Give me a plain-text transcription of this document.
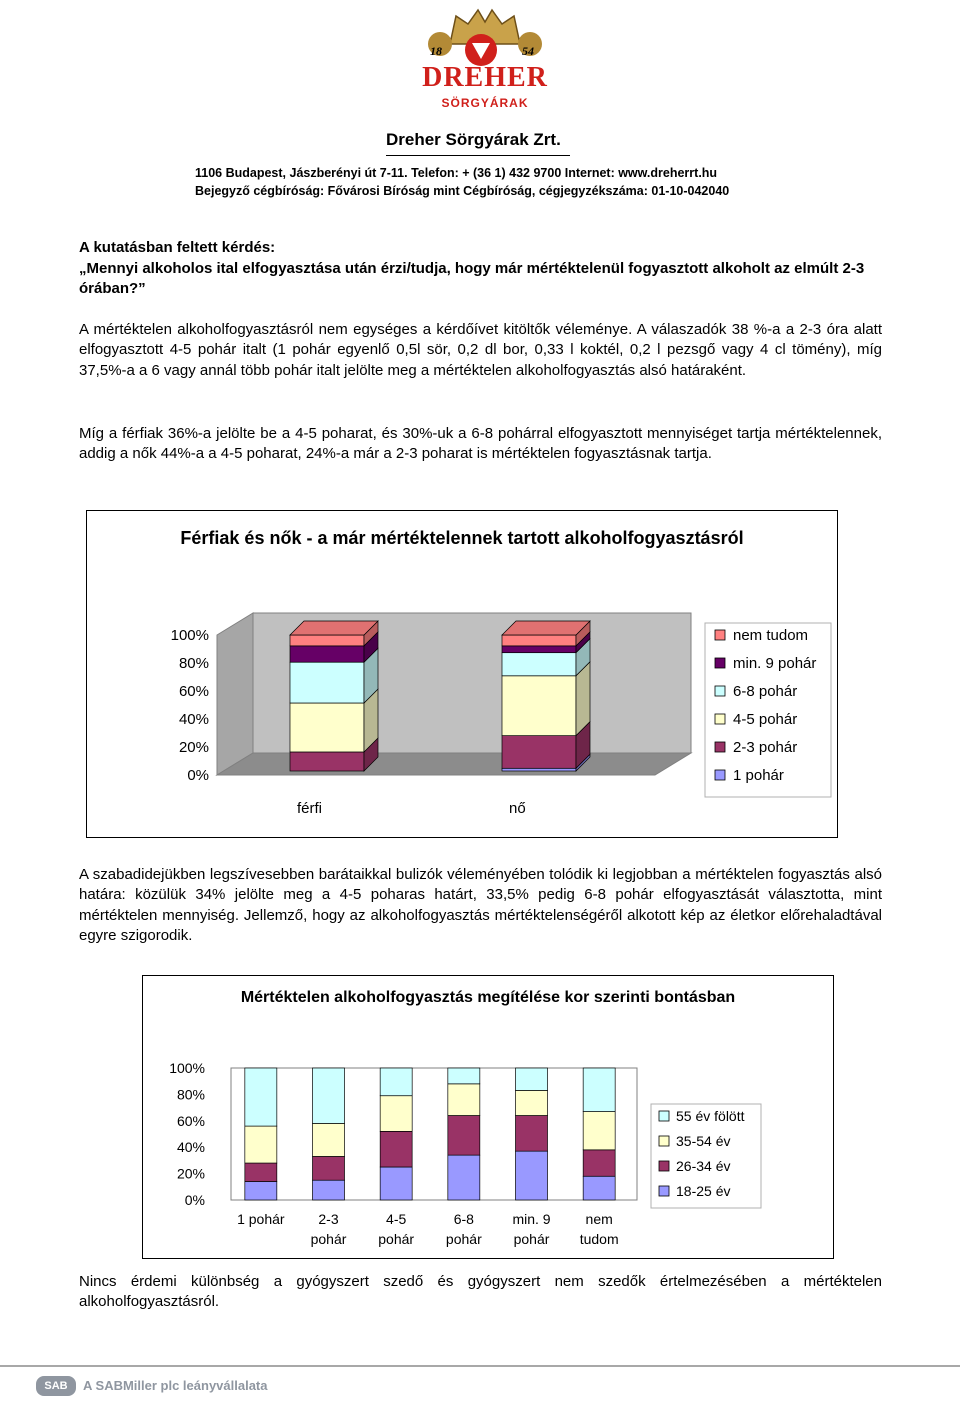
18	54
DREHER
SÖRGYÁRAK
Dreher Sörgyárak Zrt.
1106 Budapest, Jászberényi út 7-11. Telefon: + (36 1) 432 9700 Internet: www.dreherrt.hu
Bejegyző cégbíróság: Fővárosi Bíróság mint Cégbíróság, cégjegyzékszáma: 01-10-042040
A kutatásban feltett kérdés:
„Mennyi alkoholos ital elfogyasztása után érzi/tudja, hogy már mértéktelenül fogyasztott alkoholt az elmúlt 2-3 órában?”
A mértéktelen alkoholfogyasztásról nem egységes a kérdőívet kitöltők véleménye. A válaszadók 38 %-a a 2-3 óra alatt elfogyasztott 4-5 pohár italt (1 pohár egyenlő 0,5l sör, 0,2 dl bor, 0,33 l koktél, 0,2 l pezsgő vagy 4 cl tömény), míg 37,5%-a a 6 vagy annál több pohár italt jelölte meg a mértéktelen alkoholfogyasztás alsó határaként.
Míg a férfiak 36%-a jelölte be a 4-5 poharat, és 30%-uk a 6-8 pohárral elfogyasztott mennyiséget tartja mértéktelennek, addig a nők 44%-a a 4-5 poharat, 24%-a már a 2-3 poharat is mértéktelen fogyasztásnak tartja.
Férfiak és nők - a már mértéktelennek tartott alkoholfogyasztásról
100%
80%
60%
40%
20%
0%
férfi	nő
nem tudom
min. 9 pohár
6-8 pohár
4-5 pohár
2-3 pohár
1 pohár
A szabadidejükben legszívesebben barátaikkal bulizók véleményében tolódik ki legjobban a mértéktelen fogyasztás alsó határa: közülük 34% jelölte meg a 4-5 poharas határt, 33,5% pedig 6-8 pohár elfogyasztását választotta, mint mértéktelen mennyiség. Jellemző, hogy az alkoholfogyasztás mértéktelenségéről alkotott kép az életkor előrehaladtával egyre szigorodik.
Mértéktelen alkoholfogyasztás megítélése kor szerinti bontásban
100%
80%
60%
40%
20%
0%
1 pohár 2-3
pohár
4-5
pohár
6-8
pohár
min. 9
pohár
nem
tudom
55 év fölött
35-54 év
26-34 év
18-25 év
Nincs érdemi különbség a gyógyszert szedő és gyógyszert nem szedők értelmezésében a mértéktelen alkoholfogyasztásról.
SAB	A SABMiller plc leányvállalata
